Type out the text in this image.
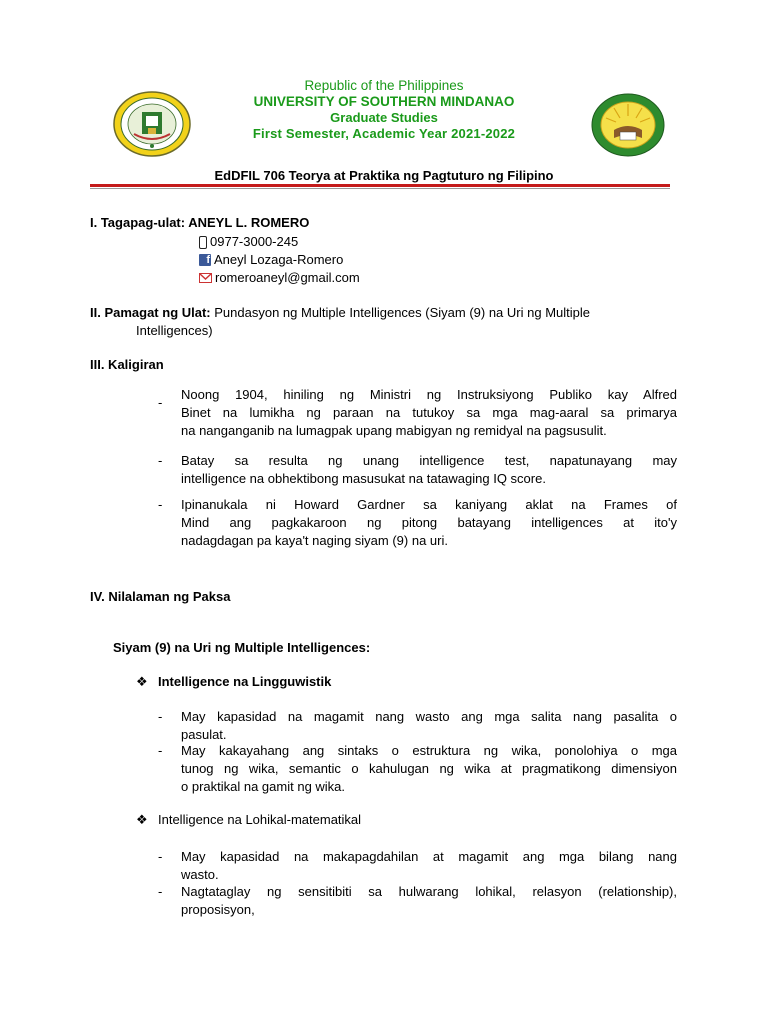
Republic of the Philippines
UNIVERSITY OF SOUTHERN MINDANAO
Graduate Studies
First Semester, Academic Year 2021-2022
EdDFIL 706 Teorya at Praktika ng Pagtuturo ng Filipino
I. Tagapag-ulat: ANEYL L. ROMERO
0977-3000-245
f Aneyl Lozaga-Romero
romeroaneyl@gmail.com
II. Pamagat ng Ulat: Pundasyon ng Multiple Intelligences (Siyam (9) na Uri ng Multiple
Intelligences)
III. Kaligiran
-
Noong 1904, hiniling ng Ministri ng Instruksiyong Publiko kay Alfred
Binet na lumikha ng paraan na tutukoy sa mga mag-aaral sa primarya
na nanganganib na lumagpak upang mabigyan ng remidyal na pagsusulit.
- Batay sa resulta ng unang intelligence test, napatunayang may
intelligence na obhektibong masusukat na tatawaging IQ score.
- Ipinanukala ni Howard Gardner sa kaniyang aklat na Frames of
Mind ang pagkakaroon ng pitong batayang intelligences at ito'y
nadagdagan pa kaya't naging siyam (9) na uri.
IV. Nilalaman ng Paksa
Siyam (9) na Uri ng Multiple Intelligences:
❖ Intelligence na Lingguwistik
- May kapasidad na magamit nang wasto ang mga salita nang pasalita o
pasulat.
- May kakayahang ang sintaks o estruktura ng wika, ponolohiya o mga
tunog ng wika, semantic o kahulugan ng wika at pragmatikong dimensiyon
o praktikal na gamit ng wika.
❖ Intelligence na Lohikal-matematikal
- May kapasidad na makapagdahilan at magamit ang mga bilang nang
wasto.
- Nagtataglay ng sensitibiti sa hulwarang lohikal, relasyon (relationship),
proposisyon,
